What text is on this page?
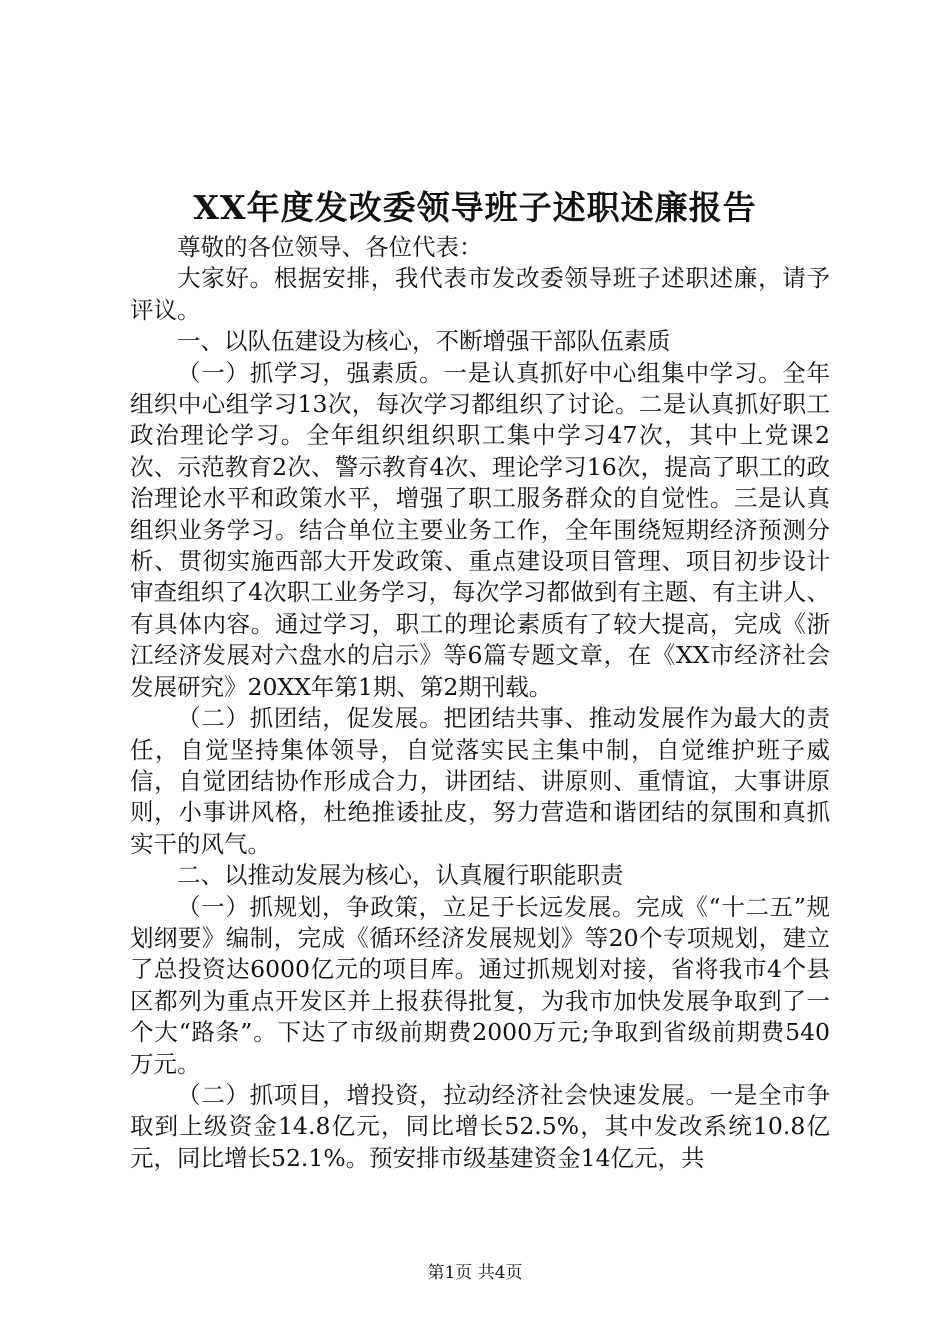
XX年度发改委领导班子述职述廉报告

尊敬的各位领导、各位代表：

大家好。根据安排，我代表市发改委领导班子述职述廉，请予评议。

一、以队伍建设为核心，不断增强干部队伍素质

（一）抓学习，强素质。一是认真抓好中心组集中学习。全年组织中心组学习13次，每次学习都组织了讨论。二是认真抓好职工政治理论学习。全年组织组织职工集中学习47次，其中上党课2次、示范教育2次、警示教育4次、理论学习16次，提高了职工的政治理论水平和政策水平，增强了职工服务群众的自觉性。三是认真组织业务学习。结合单位主要业务工作，全年围绕短期经济预测分析、贯彻实施西部大开发政策、重点建设项目管理、项目初步设计审查组织了4次职工业务学习，每次学习都做到有主题、有主讲人、有具体内容。通过学习，职工的理论素质有了较大提高，完成《浙江经济发展对六盘水的启示》等6篇专题文章，在《XX市经济社会发展研究》20XX年第1期、第2期刊载。

（二）抓团结，促发展。把团结共事、推动发展作为最大的责任，自觉坚持集体领导，自觉落实民主集中制，自觉维护班子威信，自觉团结协作形成合力，讲团结、讲原则、重情谊，大事讲原则，小事讲风格，杜绝推诿扯皮，努力营造和谐团结的氛围和真抓实干的风气。

二、以推动发展为核心，认真履行职能职责

（一）抓规划，争政策，立足于长远发展。完成《“十二五”规划纲要》编制，完成《循环经济发展规划》等20个专项规划，建立了总投资达6000亿元的项目库。通过抓规划对接，省将我市4个县区都列为重点开发区并上报获得批复，为我市加快发展争取到了一个大“路条”。下达了市级前期费2000万元;争取到省级前期费540万元。

（二）抓项目，增投资，拉动经济社会快速发展。一是全市争取到上级资金14.8亿元，同比增长52.5%，其中发改系统10.8亿元，同比增长52.1%。预安排市级基建资金14亿元，共

第1页 共4页
